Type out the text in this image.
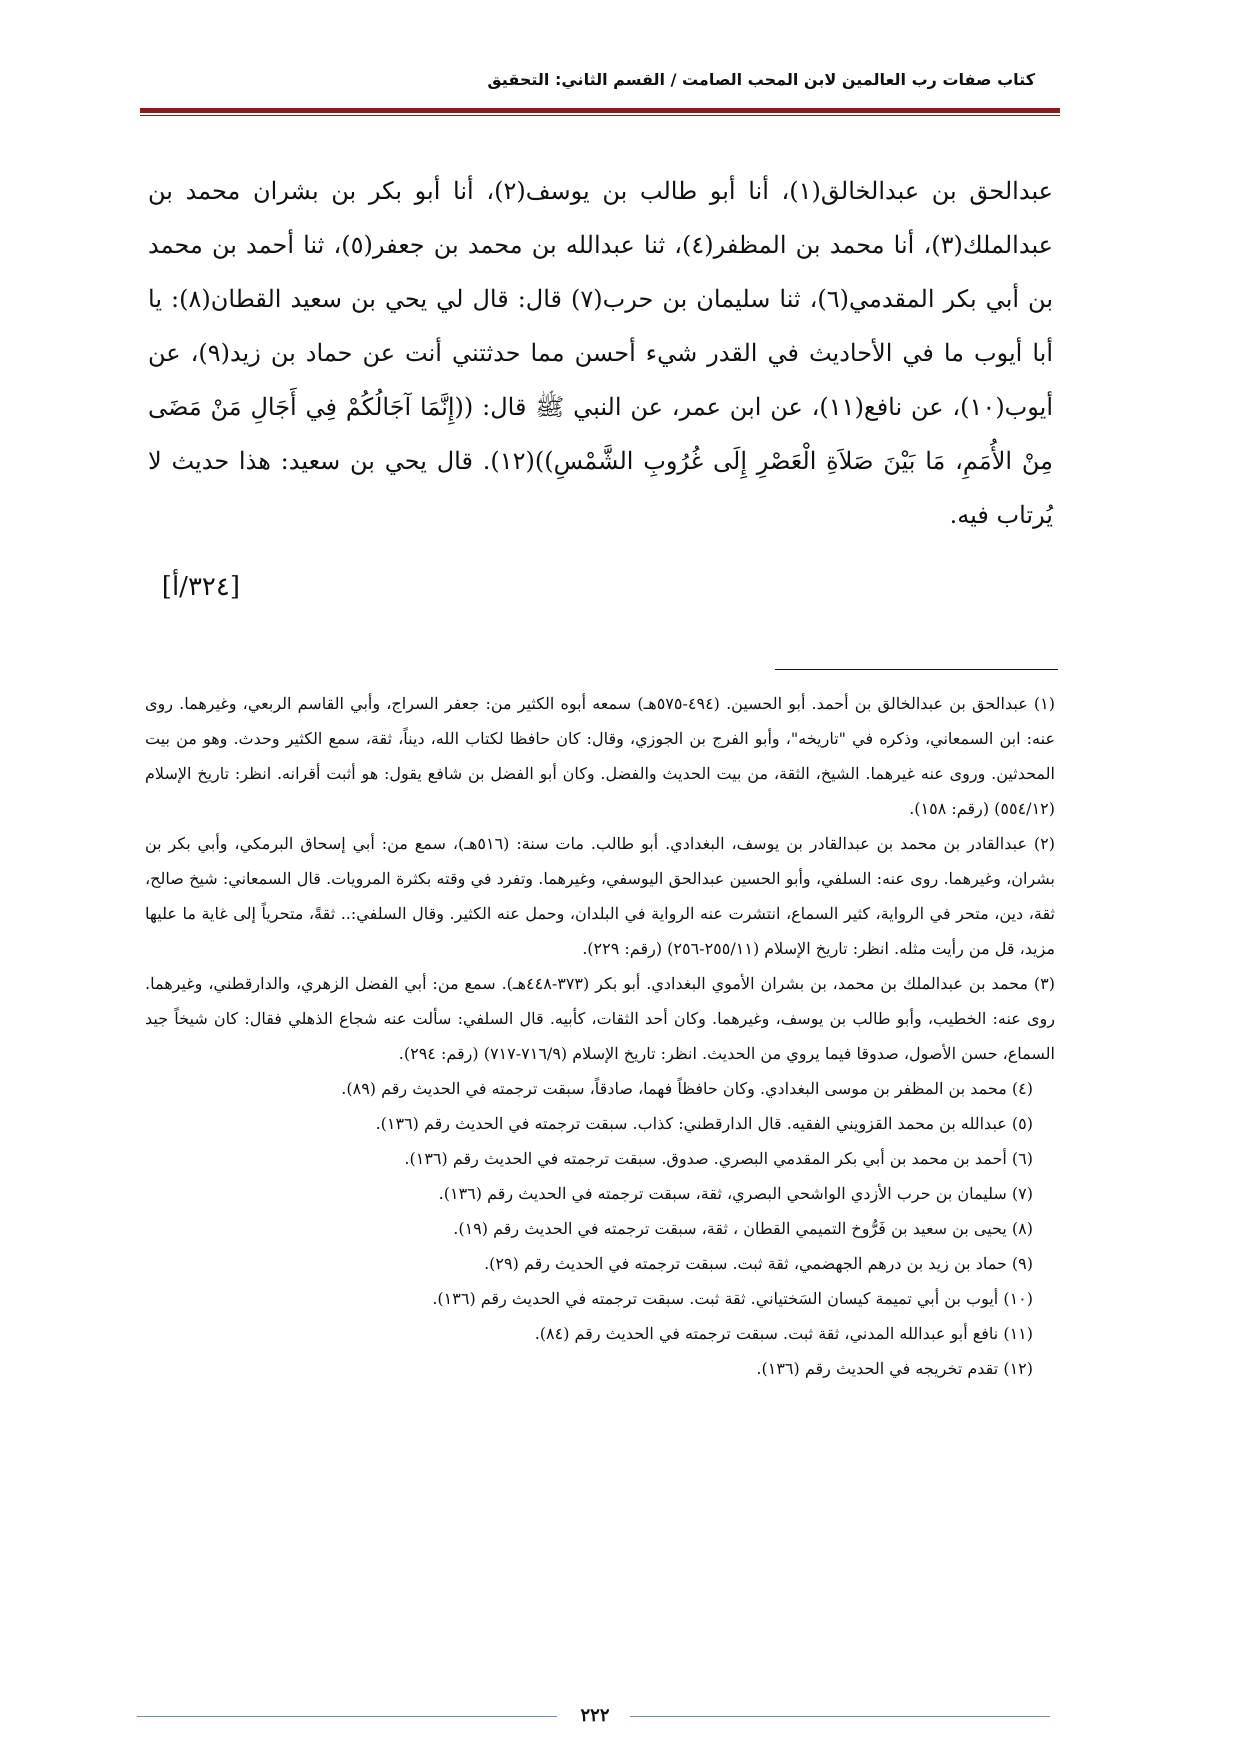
كتاب صفات رب العالمين لابن المحب الصامت / القسم الثاني: التحقيق

عبدالحق بن عبدالخالق(١)، أنا أبو طالب بن يوسف(٢)، أنا أبو بكر بن بشران محمد بن عبدالملك(٣)، أنا محمد بن المظفر(٤)، ثنا عبدالله بن محمد بن جعفر(٥)، ثنا أحمد بن محمد بن أبي بكر المقدمي(٦)، ثنا سليمان بن حرب(٧) قال: قال لي يحي بن سعيد القطان(٨): يا أبا أيوب ما في الأحاديث في القدر شيء أحسن مما حدثتني أنت عن حماد بن زيد(٩)، عن أيوب(١٠)، عن نافع(١١)، عن ابن عمر، عن النبي ﷺ قال: ((إِنَّمَا آجَالُكُمْ فِي أَجَالِ مَنْ مَضَى مِنْ الأُمَمِ، مَا بَيْنَ صَلاَةِ الْعَصْرِ إِلَى غُرُوبِ الشَّمْسِ))(١٢). قال يحي بن سعيد: هذا حديث لا يُرتاب فيه.

[٣٢٤/أ]

(١) عبدالحق بن عبدالخالق بن أحمد. أبو الحسين. (٤٩٤-٥٧٥هـ) سمعه أبوه الكثير من: جعفر السراج، وأبي القاسم الربعي، وغيرهما. روى عنه: ابن السمعاني، وذكره في "تاريخه"، وأبو الفرج بن الجوزي، وقال: كان حافظا لكتاب الله، ديناً، ثقة، سمع الكثير وحدث. وهو من بيت المحدثين. وروى عنه غيرهما. الشيخ، الثقة، من بيت الحديث والفضل. وكان أبو الفضل بن شافع يقول: هو أثبت أقرانه. انظر: تاريخ الإسلام (٥٥٤/١٢) (رقم: ١٥٨).

(٢) عبدالقادر بن محمد بن عبدالقادر بن يوسف، البغدادي. أبو طالب. مات سنة: (٥١٦هـ)، سمع من: أبي إسحاق البرمكي، وأبي بكر بن بشران، وغيرهما. روى عنه: السلفي، وأبو الحسين عبدالحق اليوسفي، وغيرهما. وتفرد في وقته بكثرة المرويات. قال السمعاني: شيخ صالح، ثقة، دين، متحر في الرواية، كثير السماع، انتشرت عنه الرواية في البلدان، وحمل عنه الكثير. وقال السلفي:.. ثقةً، متحرياً إلى غاية ما عليها مزيد، قل من رأيت مثله. انظر: تاريخ الإسلام (٢٥٥/١١-٢٥٦) (رقم: ٢٢٩).

(٣) محمد بن عبدالملك بن محمد، بن بشران الأموي البغدادي. أبو بكر (٣٧٣-٤٤٨هـ). سمع من: أبي الفضل الزهري، والدارقطني، وغيرهما. روى عنه: الخطيب، وأبو طالب بن يوسف، وغيرهما. وكان أحد الثقات، كأبيه. قال السلفي: سألت عنه شجاع الذهلي فقال: كان شيخاً جيد السماع، حسن الأصول، صدوقا فيما يروي من الحديث. انظر: تاريخ الإسلام (٧١٦/٩-٧١٧) (رقم: ٢٩٤).

(٤) محمد بن المظفر بن موسى البغدادي. وكان حافظاً فهما، صادقاً، سبقت ترجمته في الحديث رقم (٨٩).

(٥) عبدالله بن محمد القزويني الفقيه. قال الدارقطني: كذاب. سبقت ترجمته في الحديث رقم (١٣٦).

(٦) أحمد بن محمد بن أبي بكر المقدمي البصري. صدوق. سبقت ترجمته في الحديث رقم (١٣٦).

(٧) سليمان بن حرب الأزدي الواشحي البصري، ثقة، سبقت ترجمته في الحديث رقم (١٣٦).

(٨) يحيى بن سعيد بن فَرُّوخ التميمي القطان ، ثقة، سبقت ترجمته في الحديث رقم (١٩).

(٩) حماد بن زيد بن درهم الجهضمي، ثقة ثبت. سبقت ترجمته في الحديث رقم (٢٩).

(١٠) أيوب بن أبي تميمة كيسان السَختياني. ثقة ثبت. سبقت ترجمته في الحديث رقم (١٣٦).

(١١) نافع أبو عبدالله المدني، ثقة ثبت. سبقت ترجمته في الحديث رقم (٨٤).

(١٢) تقدم تخريجه في الحديث رقم (١٣٦).

٢٢٢
